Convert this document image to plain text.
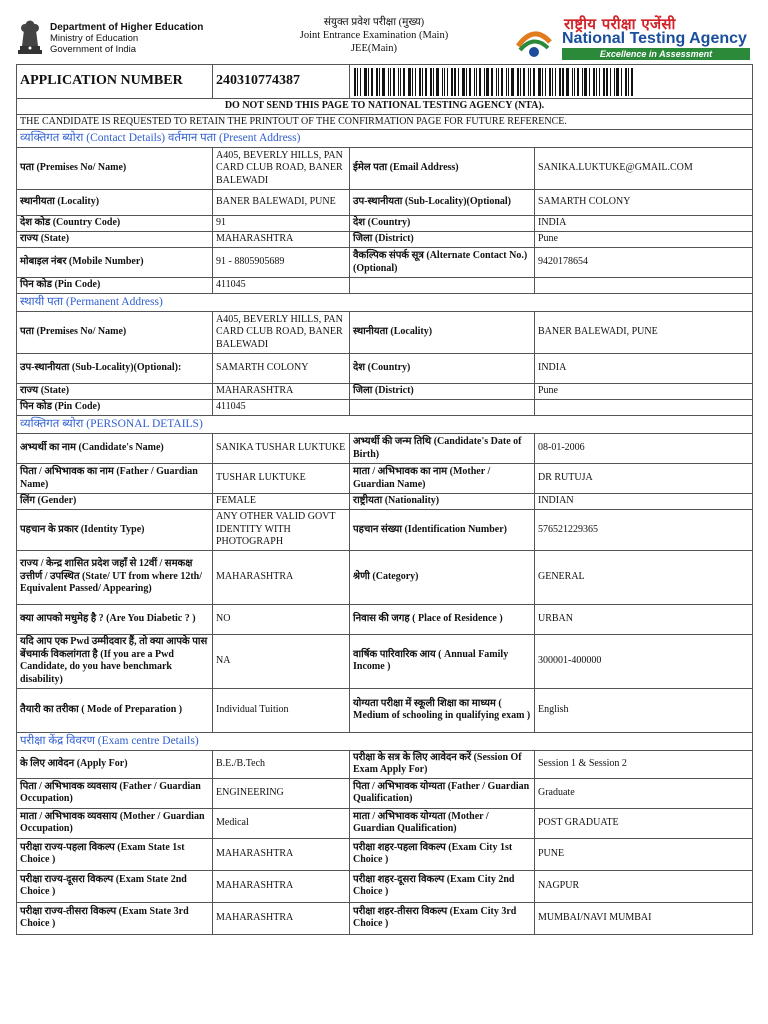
Department of Higher Education
Ministry of Education
Government of India
संयुक्त प्रवेश परीक्षा (मुख्य)
Joint Entrance Examination (Main)
JEE(Main)
राष्ट्रीय परीक्षा एजेंसी
National Testing Agency
Excellence in Assessment
APPLICATION NUMBER	240310774387		

DO NOT SEND THIS PAGE TO NATIONAL TESTING AGENCY (NTA).			
THE CANDIDATE IS REQUESTED TO RETAIN THE PRINTOUT OF THE CONFIRMATION PAGE FOR FUTURE REFERENCE.			
व्यक्तिगत ब्योरा (Contact Details) वर्तमान पता (Present Address)			
पता (Premises No/ Name)	A405, BEVERLY HILLS, PAN CARD CLUB ROAD, BANER BALEWADI	ईमेल पता (Email Address)	SANIKA.LUKTUKE@GMAIL.COM
स्थानीयता (Locality)	BANER BALEWADI, PUNE	उप-स्थानीयता (Sub-Locality)(Optional)	SAMARTH COLONY
देश कोड (Country Code)	91	देश (Country)	INDIA
राज्य (State)	MAHARASHTRA	जिला (District)	Pune
मोबाइल नंबर (Mobile Number)	91 - 8805905689	वैकल्पिक संपर्क सूत्र (Alternate Contact No.) (Optional)	9420178654
पिन कोड (Pin Code)	411045		
स्थायी पता (Permanent Address)			
पता (Premises No/ Name)	A405, BEVERLY HILLS, PAN CARD CLUB ROAD, BANER BALEWADI	स्थानीयता (Locality)	BANER BALEWADI, PUNE
उप-स्थानीयता (Sub-Locality)(Optional):	SAMARTH COLONY	देश (Country)	INDIA
राज्य (State)	MAHARASHTRA	जिला (District)	Pune
पिन कोड (Pin Code)	411045		
व्यक्तिगत ब्योरा (PERSONAL DETAILS)			
अभ्यर्थी का नाम (Candidate's Name)	SANIKA TUSHAR LUKTUKE	अभ्यर्थी की जन्म तिथि (Candidate's Date of Birth)	08-01-2006
पिता / अभिभावक का नाम (Father / Guardian Name)	TUSHAR LUKTUKE	माता / अभिभावक का नाम (Mother / Guardian Name)	DR RUTUJA
लिंग (Gender)	FEMALE	राष्ट्रीयता (Nationality)	INDIAN
पहचान के प्रकार (Identity Type)	ANY OTHER VALID GOVT IDENTITY WITH PHOTOGRAPH	पहचान संख्या (Identification Number)	576521229365
राज्य / केन्द्र शासित प्रदेश जहाँ से 12वीं / समकक्ष उत्तीर्ण / उपस्थित (State/ UT from where 12th/ Equivalent Passed/ Appearing)	MAHARASHTRA	श्रेणी (Category)	GENERAL
क्या आपको मधुमेह है ? (Are You Diabetic ? )	NO	निवास की जगह ( Place of Residence )	URBAN
यदि आप एक Pwd उम्मीदवार हैं, तो क्या आपके पास बेंचमार्क विकलांगता है (If you are a Pwd Candidate, do you have benchmark disability)	NA	वार्षिक पारिवारिक आय ( Annual Family Income )	300001-400000
तैयारी का तरीका ( Mode of Preparation )	Individual Tuition	योग्यता परीक्षा में स्कूली शिक्षा का माध्यम ( Medium of schooling in qualifying exam )	English
परीक्षा केंद्र विवरण (Exam centre Details)			
के लिए आवेदन (Apply For)	B.E./B.Tech	परीक्षा के सत्र के लिए आवेदन करें (Session Of Exam Apply For)	Session 1 & Session 2
पिता / अभिभावक व्यवसाय (Father / Guardian Occupation)	ENGINEERING	पिता / अभिभावक योग्यता (Father / Guardian Qualification)	Graduate
माता / अभिभावक व्यवसाय (Mother / Guardian Occupation)	Medical	माता / अभिभावक योग्यता (Mother / Guardian Qualification)	POST GRADUATE
परीक्षा राज्य-पहला विकल्प (Exam State 1st Choice )	MAHARASHTRA	परीक्षा शहर-पहला विकल्प (Exam City 1st Choice )	PUNE
परीक्षा राज्य-दूसरा विकल्प (Exam State 2nd Choice )	MAHARASHTRA	परीक्षा शहर-दूसरा विकल्प (Exam City 2nd Choice )	NAGPUR
परीक्षा राज्य-तीसरा विकल्प (Exam State 3rd Choice )	MAHARASHTRA	परीक्षा शहर-तीसरा विकल्प (Exam City 3rd Choice )	MUMBAI/NAVI MUMBAI
